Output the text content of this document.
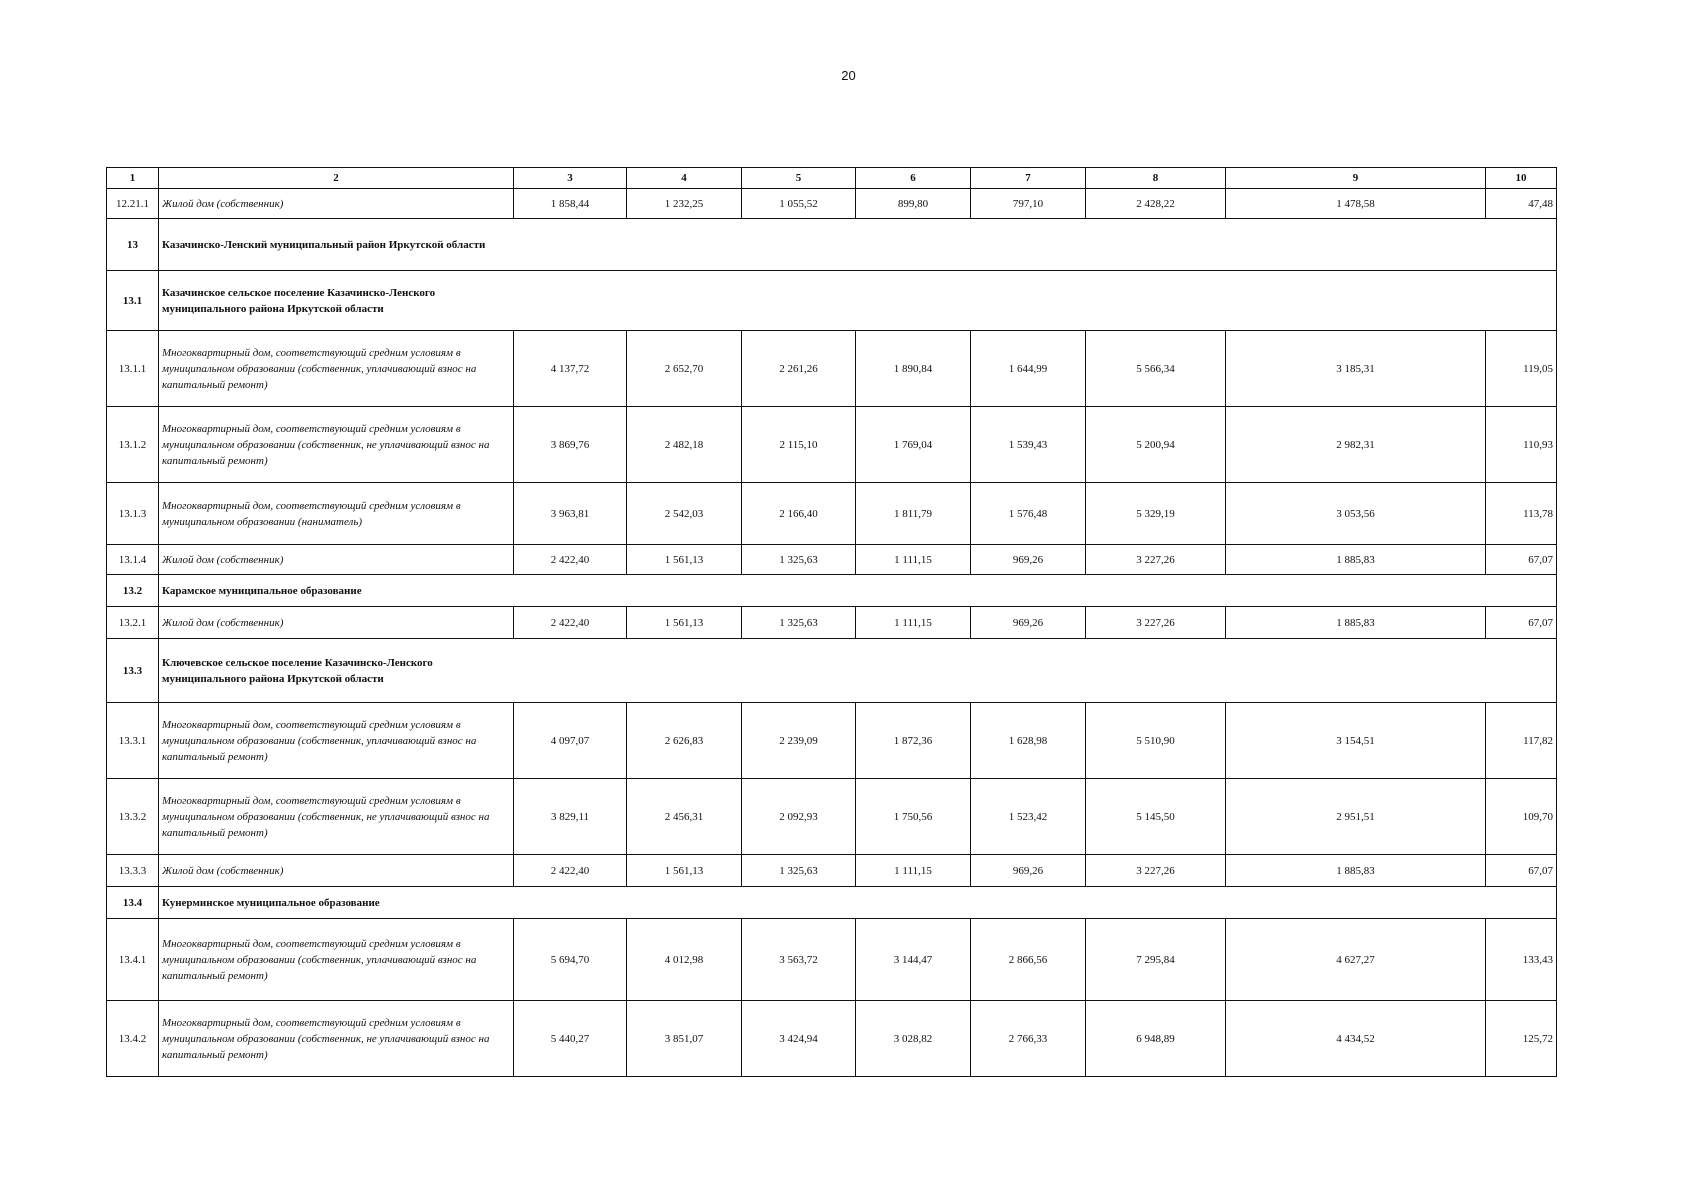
20
1	2	3	4	5	6	7	8	9	10
12.21.1	Жилой дом (собственник)	1 858,44	1 232,25	1 055,52	899,80	797,10	2 428,22	1 478,58	47,48
13	Казачинско-Ленский муниципальный район Иркутской области								

13.1	Казачинское сельское поселение Казачинско-Ленского муниципального района Иркутской области								

13.1.1	Многоквартирный дом, соответствующий средним условиям в муниципальном образовании (собственник, уплачивающий взнос на капитальный ремонт)	4 137,72	2 652,70	2 261,26	1 890,84	1 644,99	5 566,34	3 185,31	119,05
13.1.2	Многоквартирный дом, соответствующий средним условиям в муниципальном образовании (собственник, не уплачивающий взнос на капитальный ремонт)	3 869,76	2 482,18	2 115,10	1 769,04	1 539,43	5 200,94	2 982,31	110,93
13.1.3	Многоквартирный дом, соответствующий средним условиям в муниципальном образовании (наниматель)	3 963,81	2 542,03	2 166,40	1 811,79	1 576,48	5 329,19	3 053,56	113,78
13.1.4	Жилой дом (собственник)	2 422,40	1 561,13	1 325,63	1 111,15	969,26	3 227,26	1 885,83	67,07
13.2	Карамское муниципальное образование								

13.2.1	Жилой дом (собственник)	2 422,40	1 561,13	1 325,63	1 111,15	969,26	3 227,26	1 885,83	67,07
13.3	Ключевское сельское поселение Казачинско-Ленского муниципального района Иркутской области								

13.3.1	Многоквартирный дом, соответствующий средним условиям в муниципальном образовании (собственник, уплачивающий взнос на капитальный ремонт)	4 097,07	2 626,83	2 239,09	1 872,36	1 628,98	5 510,90	3 154,51	117,82
13.3.2	Многоквартирный дом, соответствующий средним условиям в муниципальном образовании (собственник, не уплачивающий взнос на капитальный ремонт)	3 829,11	2 456,31	2 092,93	1 750,56	1 523,42	5 145,50	2 951,51	109,70
13.3.3	Жилой дом (собственник)	2 422,40	1 561,13	1 325,63	1 111,15	969,26	3 227,26	1 885,83	67,07
13.4	Кунерминское муниципальное образование								

13.4.1	Многоквартирный дом, соответствующий средним условиям в муниципальном образовании (собственник, уплачивающий взнос на капитальный ремонт)	5 694,70	4 012,98	3 563,72	3 144,47	2 866,56	7 295,84	4 627,27	133,43
13.4.2	Многоквартирный дом, соответствующий средним условиям в муниципальном образовании (собственник, не уплачивающий взнос на капитальный ремонт)	5 440,27	3 851,07	3 424,94	3 028,82	2 766,33	6 948,89	4 434,52	125,72
